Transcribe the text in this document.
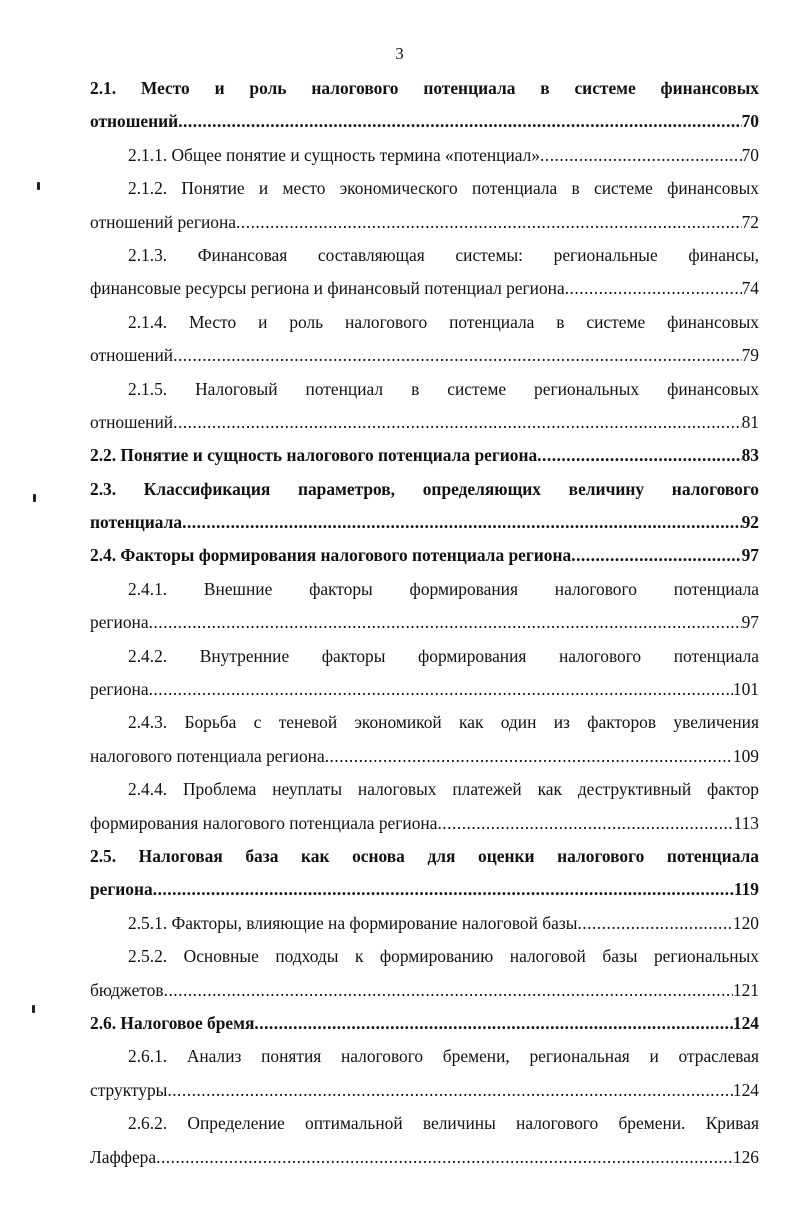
3
2.1. Место и роль налогового потенциала в системе финансовых
отношений .....	70
2.1.1. Общее понятие и сущность термина «потенциал» .....	70
2.1.2. Понятие и место экономического потенциала в системе финансовых
отношений региона .....	72
2.1.3. Финансовая составляющая системы: региональные финансы,
финансовые ресурсы региона и финансовый потенциал региона .....	74
2.1.4. Место и роль налогового потенциала в системе финансовых
отношений .....	79
2.1.5. Налоговый потенциал в системе региональных финансовых
отношений .....	81
2.2. Понятие и сущность налогового потенциала региона .....	83
2.3. Классификация параметров, определяющих величину налогового
потенциала .....	92
2.4. Факторы формирования налогового потенциала региона .....	97
2.4.1. Внешние факторы формирования налогового потенциала
региона .....	97
2.4.2. Внутренние факторы формирования налогового потенциала
региона .....	101
2.4.3. Борьба с теневой экономикой как один из факторов увеличения
налогового потенциала региона .....	109
2.4.4. Проблема неуплаты налоговых платежей как деструктивный фактор
формирования налогового потенциала региона .....	113
2.5. Налоговая база как основа для оценки налогового потенциала
региона .....	119
2.5.1. Факторы, влияющие на формирование налоговой базы .....	120
2.5.2. Основные подходы к формированию налоговой базы региональных
бюджетов .....	121
2.6. Налоговое бремя .....	124
2.6.1. Анализ понятия налогового бремени, региональная и отраслевая
структуры .....	124
2.6.2. Определение оптимальной величины налогового бремени. Кривая
Лаффера .....	126
